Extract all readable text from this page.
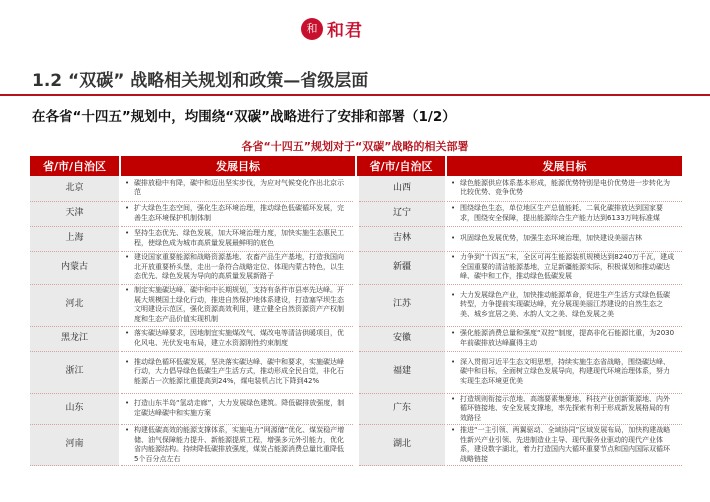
和 和君
1.2 “双碳” 战略相关规划和政策—省级层面
在各省“十四五”规划中，均围绕“双碳”战略进行了安排和部署（1/2）
各省“十四五”规划对于“双碳”战略的相关部署
省/市/自治区	发展目标	省/市/自治区	发展目标
北京	• 碳排放稳中有降，碳中和迈出坚实步伐，为应对气候变化作出北京示范	山西	• 绿色能源供应体系基本形成，能源优势特别是电价优势进一步转化为比较优势、竞争优势

天津	• 扩大绿色生态空间，强化生态环境治理，推动绿色低碳循环发展，完善生态环境保护机制体制	辽宁	• 围绕绿色生态，单位地区生产总值能耗、二氧化碳排放达到国家要求，围绕安全保障，提出能源综合生产能力达到6133万吨标准煤

上海	• 坚持生态优先、绿色发展，加大环境治理力度，加快实施生态惠民工程，使绿色成为城市高质量发展最鲜明的底色	吉林	• 巩固绿色发展优势，加强生态环境治理，加快建设美丽吉林

内蒙古	• 建设国家重要能源和战略资源基地、农畜产品生产基地，打造我国向北开放重要桥头堡，走出一条符合战略定位、体现内蒙古特色，以生态优先、绿色发展为导向的高质量发展新路子	新疆	• 力争到“十四五”末，全区可再生能源装机规模达到8240万千瓦，建成全国重要的清洁能源基地，立足新疆能源实际，积极谋划和推动碳达峰、碳中和工作，推动绿色低碳发展

河北	• 制定实施碳达峰、碳中和中长期规划，支持有条件市县率先达峰。开展大规模国土绿化行动，推进自然保护地体系建设，打造塞罕坝生态文明建设示范区，强化资源高效利用，建立健全自然资源资产产权制度和生态产品价值实现机制	江苏	• 大力发展绿色产业，加快推动能源革命，促进生产生活方式绿色低碳转型，力争提前实现碳达峰，充分展现美丽江苏建设的自然生态之美、城乡宜居之美、水韵人文之美、绿色发展之美

黑龙江	• 落实碳达峰要求，因地制宜实施煤改气、煤改电等清洁供暖项目，优化风电、光伏发电布局，建立水资源刚性约束制度	安徽	• 强化能源消费总量和强度“双控”制度，提高非化石能源比重，为2030年前碳排放达峰赢得主动

浙江	• 推动绿色循环低碳发展，坚决落实碳达峰、碳中和要求，实施碳达峰行动，大力倡导绿色低碳生产生活方式，推动形成全民自觉，非化石能源占一次能源比重提高到24%，煤电装机占比下降到42%	福建	• 深入贯彻习近平生态文明思想，持续实施生态省战略，围绕碳达峰、碳中和目标，全面树立绿色发展导向，构建现代环境治理体系，努力实现生态环境更优美

山东	• 打造山东半岛“氢动走廊”，大力发展绿色建筑。降低碳排放强度，制定碳达峰碳中和实施方案	广东	• 打造规则衔接示范地、高端要素集聚地、科技产业创新策源地、内外循环链接地、安全发展支撑地，率先探索有利于形成新发展格局的有效路径

河南	• 构建低碳高效的能源支撑体系，实施电力“网源储”优化、煤炭稳产增储、油气保障能力提升、新能源提质工程，增强多元外引能力，优化省内能源结构。持续降低碳排放强度，煤炭占能源消费总量比重降低5个百分点左右	湖北	• 推进“一主引领、两翼驱动、全域协同”区域发展布局，加快构建战略性新兴产业引领、先进制造业主导、现代服务业驱动的现代产业体系，建设数字湖北，着力打造国内大循环重要节点和国内国际双循环战略链接
